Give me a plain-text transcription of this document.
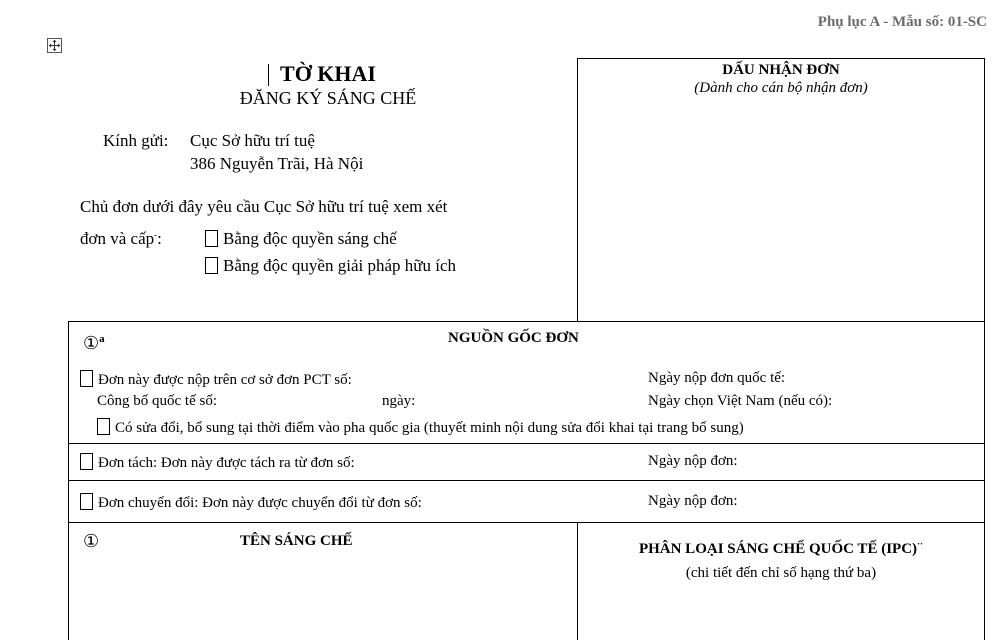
Phụ lục A - Mẫu số: 01-SC
TỜ KHAI
ĐĂNG KÝ SÁNG CHẾ
Kính gửi: Cục Sở hữu trí tuệ
386 Nguyễn Trãi, Hà Nội
Chủ đơn dưới đây yêu cầu Cục Sở hữu trí tuệ xem xét
đơn và cấp-:	Bằng độc quyền sáng chế
Bằng độc quyền giải pháp hữu ích
DẤU NHẬN ĐƠN
(Dành cho cán bộ nhận đơn)
①$^a$	NGUỒN GỐC ĐƠN
Đơn này được nộp trên cơ sở đơn PCT số:	Ngày nộp đơn quốc tế:
Công bố quốc tế số:	ngày:	Ngày chọn Việt Nam (nếu có):
Có sửa đổi, bổ sung tại thời điểm vào pha quốc gia (thuyết minh nội dung sửa đổi khai tại trang bổ sung)
Đơn tách: Đơn này được tách ra từ đơn số:	Ngày nộp đơn:
Đơn chuyển đổi: Đơn này được chuyển đổi từ đơn số:	Ngày nộp đơn:
①	TÊN SÁNG CHẾ	PHÂN LOẠI SÁNG CHẾ QUỐC TẾ (IPC)··
(chi tiết đến chỉ số hạng thứ ba)
